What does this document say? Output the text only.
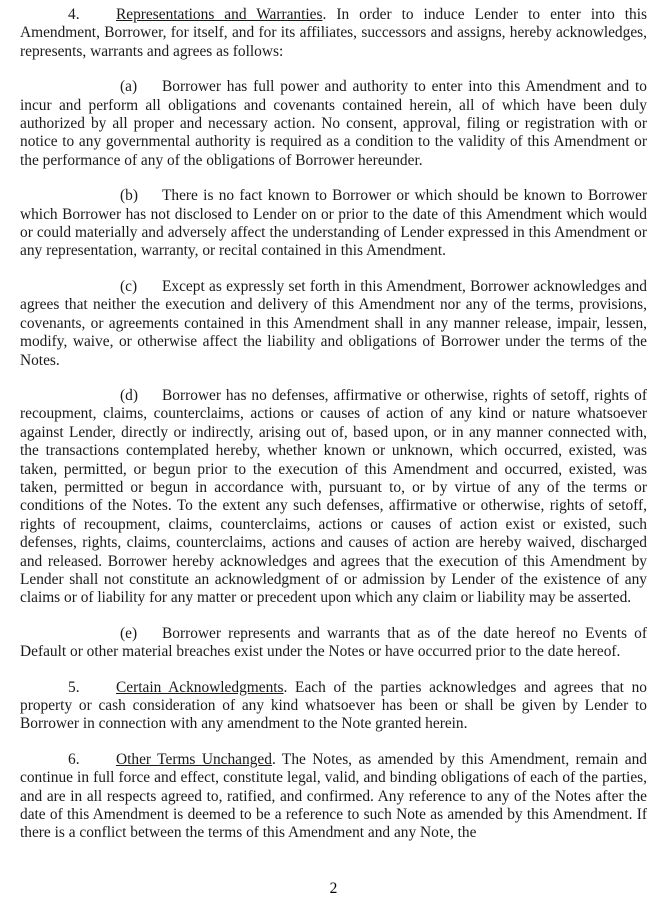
4. Representations and Warranties. In order to induce Lender to enter into this Amendment, Borrower, for itself, and for its affiliates, successors and assigns, hereby acknowledges, represents, warrants and agrees as follows:

(a) Borrower has full power and authority to enter into this Amendment and to incur and perform all obligations and covenants contained herein, all of which have been duly authorized by all proper and necessary action. No consent, approval, filing or registration with or notice to any governmental authority is required as a condition to the validity of this Amendment or the performance of any of the obligations of Borrower hereunder.

(b) There is no fact known to Borrower or which should be known to Borrower which Borrower has not disclosed to Lender on or prior to the date of this Amendment which would or could materially and adversely affect the understanding of Lender expressed in this Amendment or any representation, warranty, or recital contained in this Amendment.

(c) Except as expressly set forth in this Amendment, Borrower acknowledges and agrees that neither the execution and delivery of this Amendment nor any of the terms, provisions, covenants, or agreements contained in this Amendment shall in any manner release, impair, lessen, modify, waive, or otherwise affect the liability and obligations of Borrower under the terms of the Notes.

(d) Borrower has no defenses, affirmative or otherwise, rights of setoff, rights of recoupment, claims, counterclaims, actions or causes of action of any kind or nature whatsoever against Lender, directly or indirectly, arising out of, based upon, or in any manner connected with, the transactions contemplated hereby, whether known or unknown, which occurred, existed, was taken, permitted, or begun prior to the execution of this Amendment and occurred, existed, was taken, permitted or begun in accordance with, pursuant to, or by virtue of any of the terms or conditions of the Notes. To the extent any such defenses, affirmative or otherwise, rights of setoff, rights of recoupment, claims, counterclaims, actions or causes of action exist or existed, such defenses, rights, claims, counterclaims, actions and causes of action are hereby waived, discharged and released. Borrower hereby acknowledges and agrees that the execution of this Amendment by Lender shall not constitute an acknowledgment of or admission by Lender of the existence of any claims or of liability for any matter or precedent upon which any claim or liability may be asserted.

(e) Borrower represents and warrants that as of the date hereof no Events of Default or other material breaches exist under the Notes or have occurred prior to the date hereof.

5. Certain Acknowledgments. Each of the parties acknowledges and agrees that no property or cash consideration of any kind whatsoever has been or shall be given by Lender to Borrower in connection with any amendment to the Note granted herein.

6. Other Terms Unchanged. The Notes, as amended by this Amendment, remain and continue in full force and effect, constitute legal, valid, and binding obligations of each of the parties, and are in all respects agreed to, ratified, and confirmed. Any reference to any of the Notes after the date of this Amendment is deemed to be a reference to such Note as amended by this Amendment. If there is a conflict between the terms of this Amendment and any Note, the

2
